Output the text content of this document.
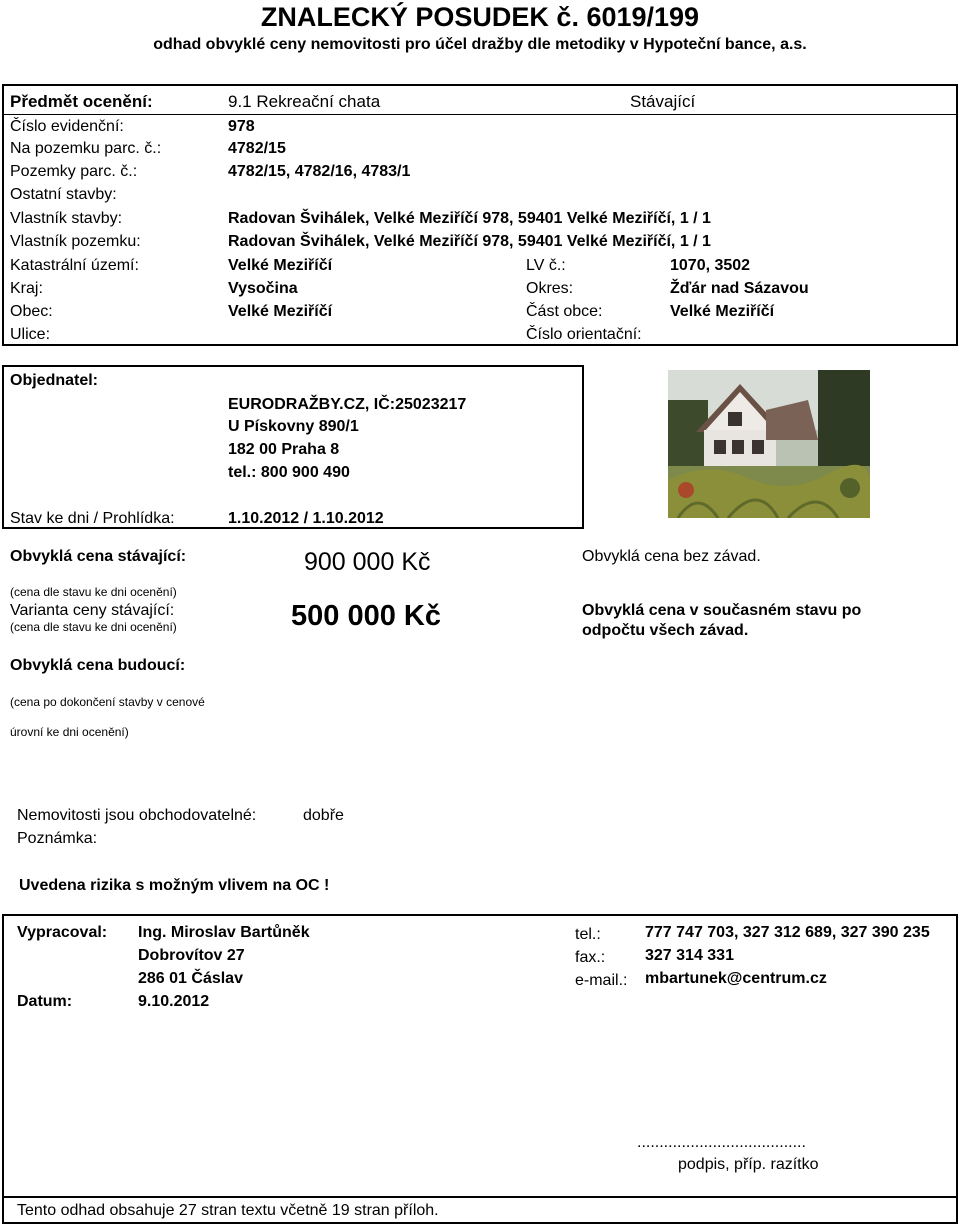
ZNALECKÝ POSUDEK č. 6019/199
odhad obvyklé ceny nemovitosti pro účel dražby dle metodiky v Hypoteční bance, a.s.
Předmět ocenění:	9.1 Rekreační chata	Stávající
Číslo evidenční:	978
Na pozemku parc. č.:	4782/15
Pozemky parc. č.:	4782/15, 4782/16, 4783/1
Ostatní stavby:
Vlastník stavby:	Radovan Švihálek, Velké Meziříčí 978, 59401 Velké Meziříčí, 1 / 1
Vlastník pozemku:	Radovan Švihálek, Velké Meziříčí 978, 59401 Velké Meziříčí, 1 / 1
Katastrální území:	Velké Meziříčí	LV č.:	1070, 3502
Kraj:	Vysočina	Okres:	Žďár nad Sázavou
Obec:	Velké Meziříčí	Část obce:	Velké Meziříčí
Ulice:	Číslo orientační:
Objednatel:
EURODRAŽBY.CZ, IČ:25023217
U Pískovny 890/1
182 00 Praha 8
tel.: 800 900 490
Stav ke dni / Prohlídka:	1.10.2012 / 1.10.2012
Obvyklá cena stávající:	900 000 Kč	Obvyklá cena bez závad.
(cena dle stavu ke dni ocenění)
Varianta ceny stávající:
(cena dle stavu ke dni ocenění)	500 000 Kč	Obvyklá cena v současném stavu po
odpočtu všech závad.
Obvyklá cena budoucí:
(cena po dokončení stavby v cenové
úrovní ke dni ocenění)
Nemovitosti jsou obchodovatelné:	dobře
Poznámka:
Uvedena rizika s možným vlivem na OC !
Vypracoval: Ing. Miroslav Bartůněk
Dobrovítov 27
286 01 Čáslav
Datum:	9.10.2012
tel.:	777 747 703, 327 312 689, 327 390 235
fax.: 327 314 331
e-mail.: mbartunek@centrum.cz
......................................
podpis, příp. razítko
Tento odhad obsahuje 27 stran textu včetně 19 stran příloh.
